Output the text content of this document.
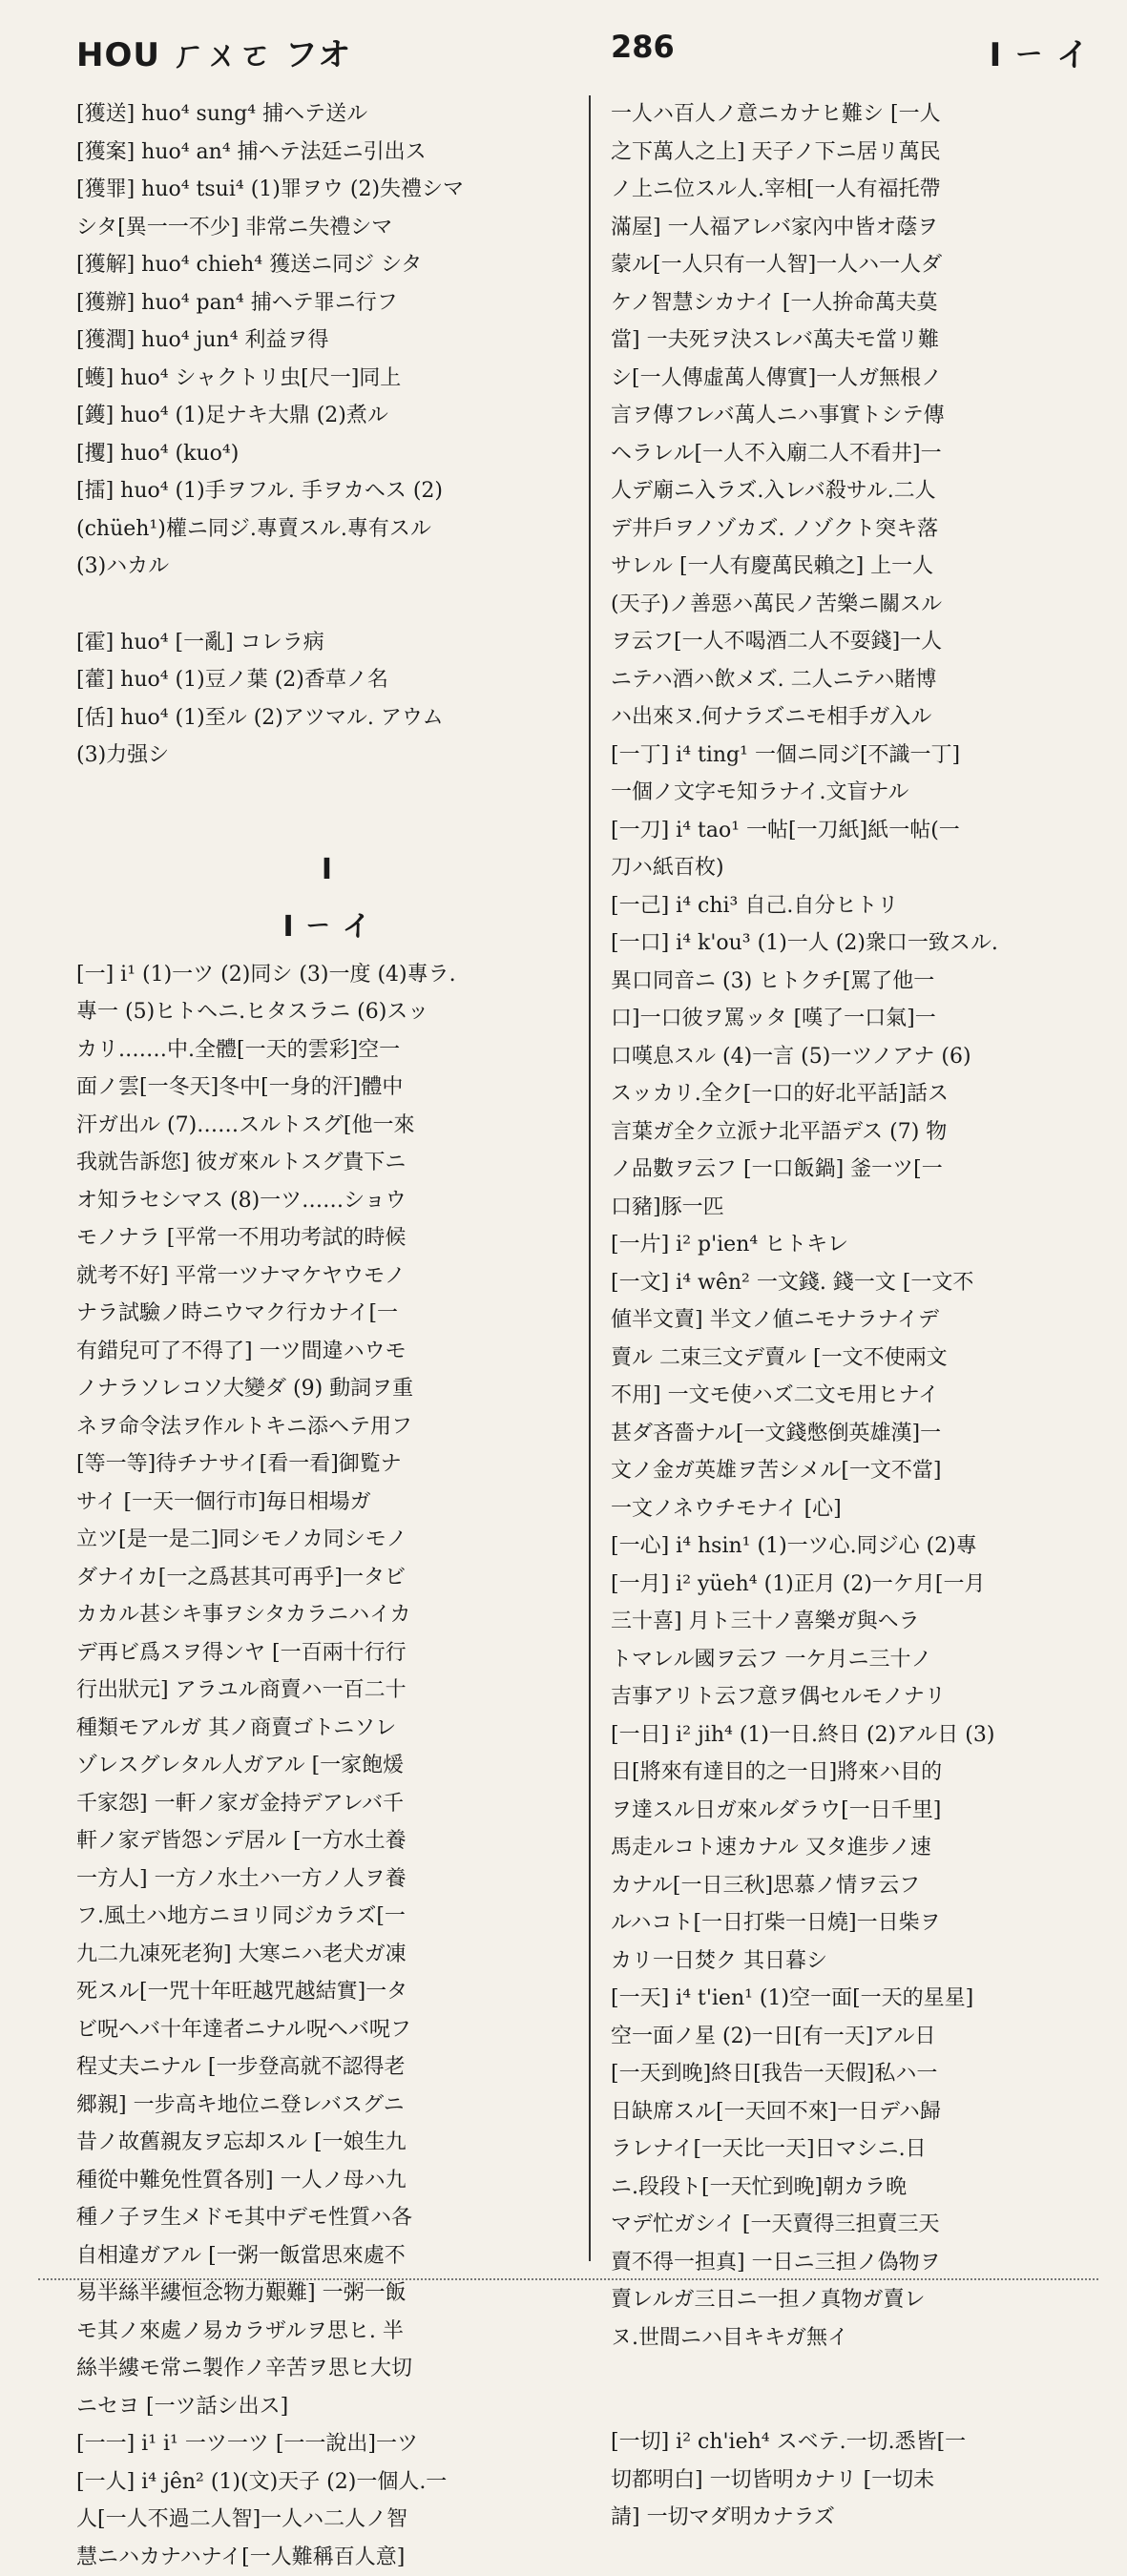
HOU ㄏㄨㄛ フオ	286	I ㄧ イ
[獲送] huo⁴ sung⁴ 捕ヘテ送ル
[獲案] huo⁴ an⁴ 捕ヘテ法廷ニ引出ス
[獲罪] huo⁴ tsui⁴ (1)罪ヲウ (2)失禮シマ
シタ[異一一不少] 非常ニ失禮シマ
[獲解] huo⁴ chieh⁴ 獲送ニ同ジ シタ
[獲辦] huo⁴ pan⁴ 捕ヘテ罪ニ行フ
[獲潤] huo⁴ jun⁴ 利益ヲ得
[蠖] huo⁴ シャクトリ虫[尺一]同上
[鑊] huo⁴ (1)足ナキ大鼎 (2)煮ル
[攫] huo⁴ (kuo⁴)
[擂] huo⁴ (1)手ヲフル. 手ヲカヘス (2)
(chüeh¹)權ニ同ジ.專賣スル.專有スル
(3)ハカル
[霍] huo⁴ [一亂] コレラ病
[藿] huo⁴ (1)豆ノ葉 (2)香草ノ名
[佸] huo⁴ (1)至ル (2)アツマル. アウム
(3)力强シ
I
I ㄧ イ
[一] i¹ (1)一ツ (2)同シ (3)一度 (4)專ラ.
專一 (5)ヒトヘニ.ヒタスラニ (6)スッ
カリ.……中.全體[一天的雲彩]空一
面ノ雲[一冬天]冬中[一身的汗]體中
汗ガ出ル (7)……スルトスグ[他一來
我就告訴您] 彼ガ來ルトスグ貴下ニ
オ知ラセシマス (8)一ツ……ショウ
モノナラ [平常一不用功考試的時候
就考不好] 平常一ツナマケヤウモノ
ナラ試驗ノ時ニウマク行カナイ[一
有錯兒可了不得了] 一ツ間違ハウモ
ノナラソレコソ大變ダ (9) 動詞ヲ重
ネヲ命令法ヲ作ルトキニ添ヘテ用フ
[等一等]待チナサイ[看一看]御覧ナ
サイ [一天一個行市]毎日相場ガ
立ツ[是一是二]同シモノカ同シモノ
ダナイカ[一之爲甚其可再乎]一タビ
カカル甚シキ事ヲシタカラニハイカ
デ再ビ爲スヲ得ンヤ [一百兩十行行
行出狀元] アラユル商賣ハ一百二十
種類モアルガ 其ノ商賣ゴトニソレ
ゾレスグレタル人ガアル [一家飽煖
千家怨] 一軒ノ家ガ金持デアレバ千
軒ノ家デ皆怨ンデ居ル [一方水土養
一方人] 一方ノ水土ハ一方ノ人ヲ養
フ.風土ハ地方ニヨリ同ジカラズ[一
九二九凍死老狗] 大寒ニハ老犬ガ凍
死スル[一咒十年旺越咒越結實]一タ
ビ呪ヘバ十年達者ニナル呪ヘバ呪フ
程丈夫ニナル [一步登高就不認得老
郷親] 一步高キ地位ニ登レバスグニ
昔ノ故舊親友ヲ忘却スル [一娘生九
種從中難免性質各別] 一人ノ母ハ九
種ノ子ヲ生メドモ其中デモ性質ハ各
自相違ガアル [一粥一飯當思來處不
易半絲半縷恒念物力艱難] 一粥一飯
モ其ノ來處ノ易カラザルヲ思ヒ. 半
絲半縷モ常ニ製作ノ辛苦ヲ思ヒ大切
ニセヨ [一ツ話シ出ス]
[一一] i¹ i¹ 一ツ一ツ [一一說出]一ツ
[一人] i⁴ jên² (1)(文)天子 (2)一個人.一
人[一人不過二人智]一人ハ二人ノ智
慧ニハカナハナイ[一人難稱百人意]
一人ハ百人ノ意ニカナヒ難シ [一人
之下萬人之上] 天子ノ下ニ居リ萬民
ノ上ニ位スル人.宰相[一人有福托帶
滿屋] 一人福アレバ家內中皆オ蔭ヲ
蒙ル[一人只有一人智]一人ハ一人ダ
ケノ智慧シカナイ [一人拚命萬夫莫
當] 一夫死ヲ決スレバ萬夫モ當リ難
シ[一人傳虛萬人傳實]一人ガ無根ノ
言ヲ傳フレバ萬人ニハ事實トシテ傳
ヘラレル[一人不入廟二人不看井]一
人デ廟ニ入ラズ.入レバ殺サル.二人
デ井戶ヲノゾカズ. ノゾクト突キ落
サレル [一人有慶萬民賴之] 上一人
(天子)ノ善惡ハ萬民ノ苦樂ニ關スル
ヲ云フ[一人不喝酒二人不耍錢]一人
ニテハ酒ハ飲メズ. 二人ニテハ賭博
ハ出來ヌ.何ナラズニモ相手ガ入ル
[一丁] i⁴ ting¹ 一個ニ同ジ[不識一丁]
一個ノ文字モ知ラナイ.文盲ナル
[一刀] i⁴ tao¹ 一帖[一刀紙]紙一帖(一
刀ハ紙百枚)
[一己] i⁴ chi³ 自己.自分ヒトリ
[一口] i⁴ k'ou³ (1)一人 (2)衆口一致スル.
異口同音ニ (3) ヒトクチ[罵了他一
口]一口彼ヲ罵ッタ [嘆了一口氣]一
口嘆息スル (4)一言 (5)一ツノアナ (6)
スッカリ.全ク[一口的好北平話]話ス
言葉ガ全ク立派ナ北平語デス (7) 物
ノ品數ヲ云フ [一口飯鍋] 釜一ツ[一
口豬]豚一匹
[一片] i² p'ien⁴ ヒトキレ
[一文] i⁴ wên² 一文錢. 錢一文 [一文不
値半文賣] 半文ノ値ニモナラナイデ
賣ル 二束三文デ賣ル [一文不使兩文
不用] 一文モ使ハズ二文モ用ヒナイ
甚ダ吝嗇ナル[一文錢憋倒英雄漢]一
文ノ金ガ英雄ヲ苦シメル[一文不當]
一文ノネウチモナイ [心]
[一心] i⁴ hsin¹ (1)一ツ心.同ジ心 (2)專
[一月] i² yüeh⁴ (1)正月 (2)一ケ月[一月
三十喜] 月ト三十ノ喜樂ガ與ヘラ
トマレル國ヲ云フ 一ケ月ニ三十ノ
吉事アリト云フ意ヲ偶セルモノナリ
[一日] i² jih⁴ (1)一日.終日 (2)アル日 (3)
日[將來有達目的之一日]將來ハ目的
ヲ達スル日ガ來ルダラウ[一日千里]
馬走ルコト速カナル 又タ進步ノ速
カナル[一日三秋]思慕ノ情ヲ云フ
ルハコト[一日打柴一日燒]一日柴ヲ
カリ一日焚ク 其日暮シ
[一天] i⁴ t'ien¹ (1)空一面[一天的星星]
空一面ノ星 (2)一日[有一天]アル日
[一天到晚]終日[我告一天假]私ハ一
日缺席スル[一天回不來]一日デハ歸
ラレナイ[一天比一天]日マシニ.日
ニ.段段ト[一天忙到晚]朝カラ晩
マデ忙ガシイ [一天賣得三担賣三天
賣不得一担真] 一日ニ三担ノ偽物ヲ
賣レルガ三日ニ一担ノ真物ガ賣レ
ヌ.世間ニハ目キキガ無イ
[一切] i² ch'ieh⁴ スベテ.一切.悉皆[一
切都明白] 一切皆明カナリ [一切未
請] 一切マダ明カナラズ
